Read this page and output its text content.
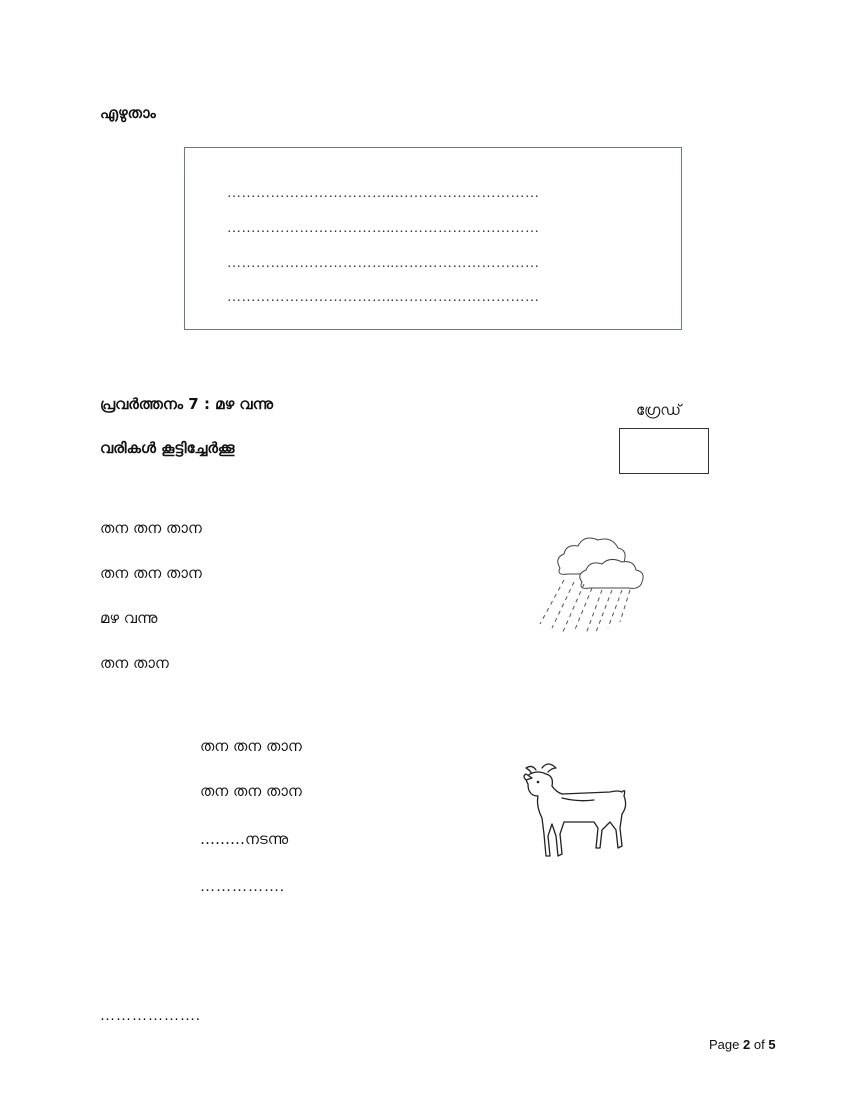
എഴുതാം
……………………………..…………………………
……………………………..…………………………
……………………………..…………………………
……………………………..…………………………
പ്രവർത്തനം 7 : മഴ വന്നു
വരികൾ കൂട്ടിച്ചേർക്കൂ
ഗ്രേഡ്
തന തന താന
തന തന താന
മഴ വന്നു
തന താന
തന തന താന
തന തന താന
………നടന്നു
…………….
……………….
Page 2 of 5
